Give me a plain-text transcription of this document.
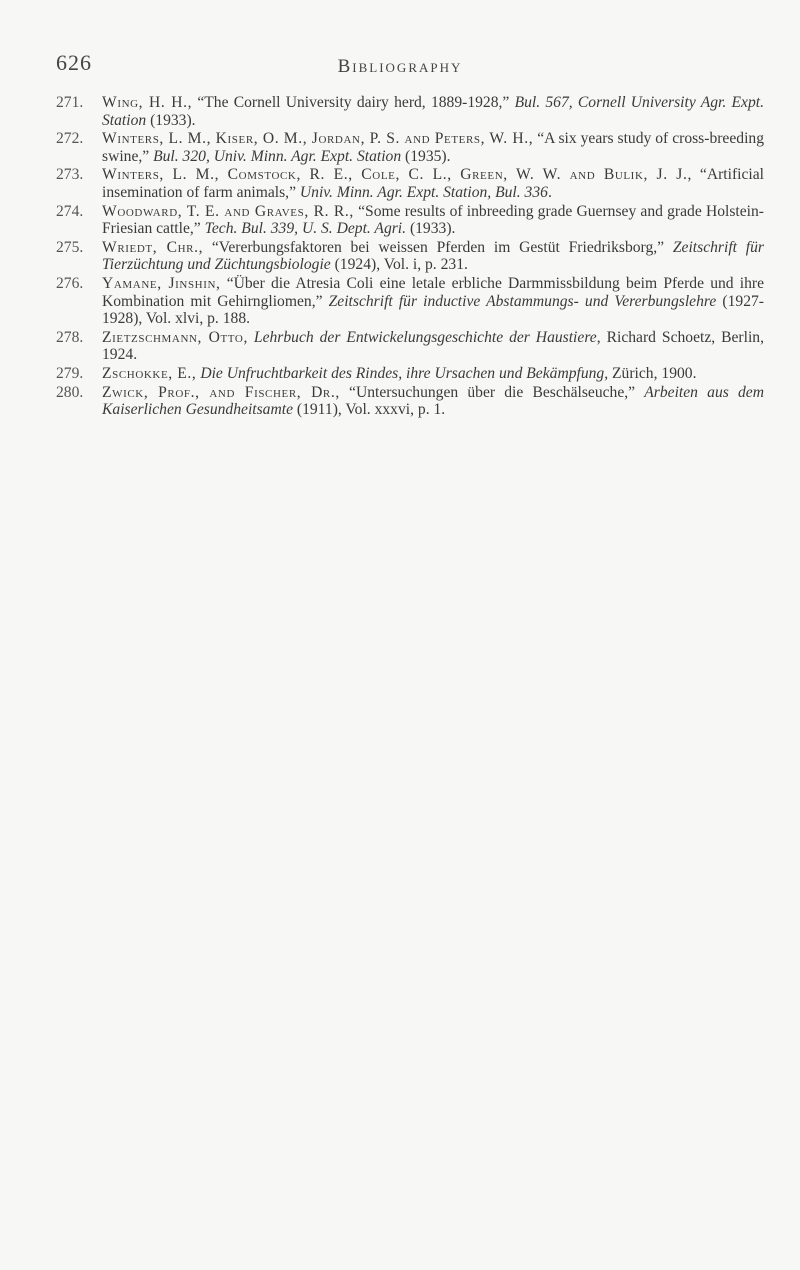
626	Bibliography
271.	Wing, H. H., “The Cornell University dairy herd, 1889-1928,” Bul. 567, Cornell University Agr. Expt. Station (1933).
272.	Winters, L. M., Kiser, O. M., Jordan, P. S. and Peters, W. H., “A six years study of cross-breeding swine,” Bul. 320, Univ. Minn. Agr. Expt. Station (1935).
273.	Winters, L. M., Comstock, R. E., Cole, C. L., Green, W. W. and Bulik, J. J., “Artificial insemination of farm animals,” Univ. Minn. Agr. Expt. Station, Bul. 336.
274.	Woodward, T. E. and Graves, R. R., “Some results of inbreeding grade Guernsey and grade Holstein-Friesian cattle,” Tech. Bul. 339, U. S. Dept. Agri. (1933).
275.	Wriedt, Chr., “Vererbungsfaktoren bei weissen Pferden im Gestüt Friedriksborg,” Zeitschrift für Tierzüchtung und Züchtungsbiologie (1924), Vol. i, p. 231.
276.	Yamane, Jinshin, “Über die Atresia Coli eine letale erbliche Darmmissbildung beim Pferde und ihre Kombination mit Gehirngliomen,” Zeitschrift für inductive Abstammungs- und Vererbungslehre (1927-1928), Vol. xlvi, p. 188.
278.	Zietzschmann, Otto, Lehrbuch der Entwickelungsgeschichte der Haustiere, Richard Schoetz, Berlin, 1924.
279.	Zschokke, E., Die Unfruchtbarkeit des Rindes, ihre Ursachen und Bekämpfung, Zürich, 1900.
280.	Zwick, Prof., and Fischer, Dr., “Untersuchungen über die Beschälseuche,” Arbeiten aus dem Kaiserlichen Gesundheitsamte (1911), Vol. xxxvi, p. 1.
